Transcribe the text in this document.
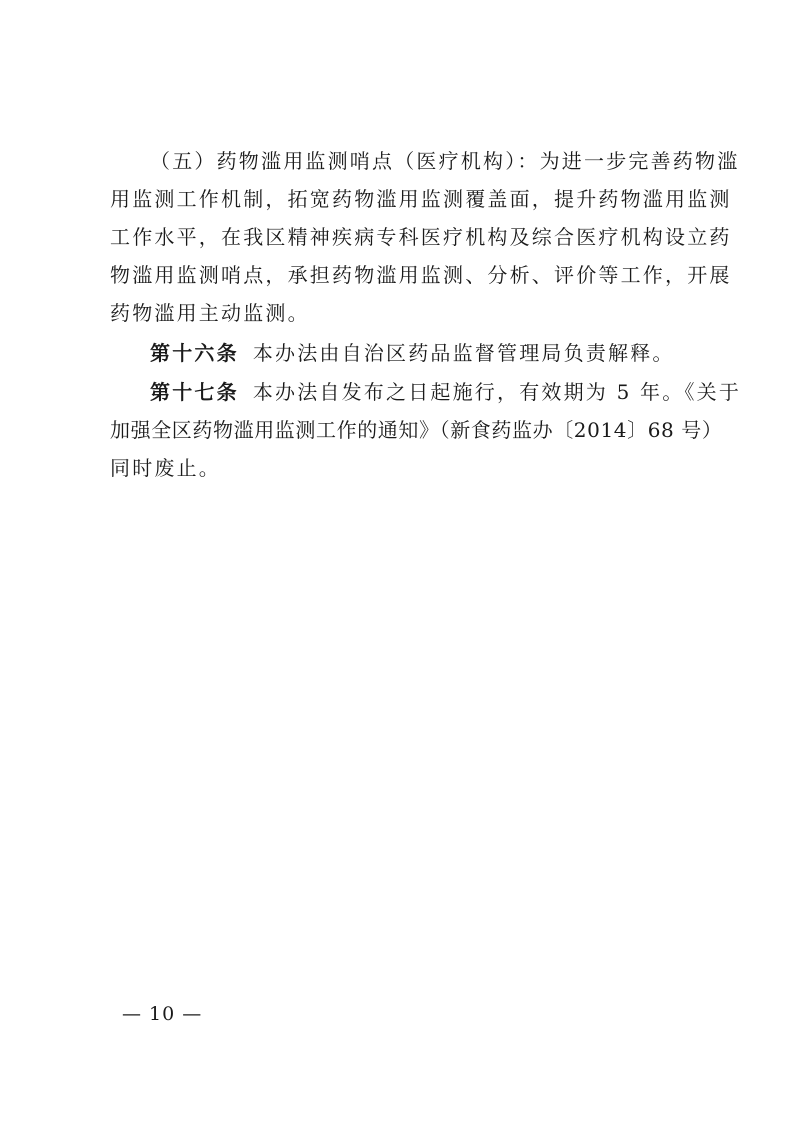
（五）药物滥用监测哨点（医疗机构）：为进一步完善药物滥
用监测工作机制，拓宽药物滥用监测覆盖面，提升药物滥用监测
工作水平，在我区精神疾病专科医疗机构及综合医疗机构设立药
物滥用监测哨点，承担药物滥用监测、分析、评价等工作，开展
药物滥用主动监测。
第十六条 本办法由自治区药品监督管理局负责解释。
第十七条 本办法自发布之日起施行，有效期为 5 年。《关于
加强全区药物滥用监测工作的通知》（新食药监办〔2014〕68 号）
同时废止。
— 10 —
